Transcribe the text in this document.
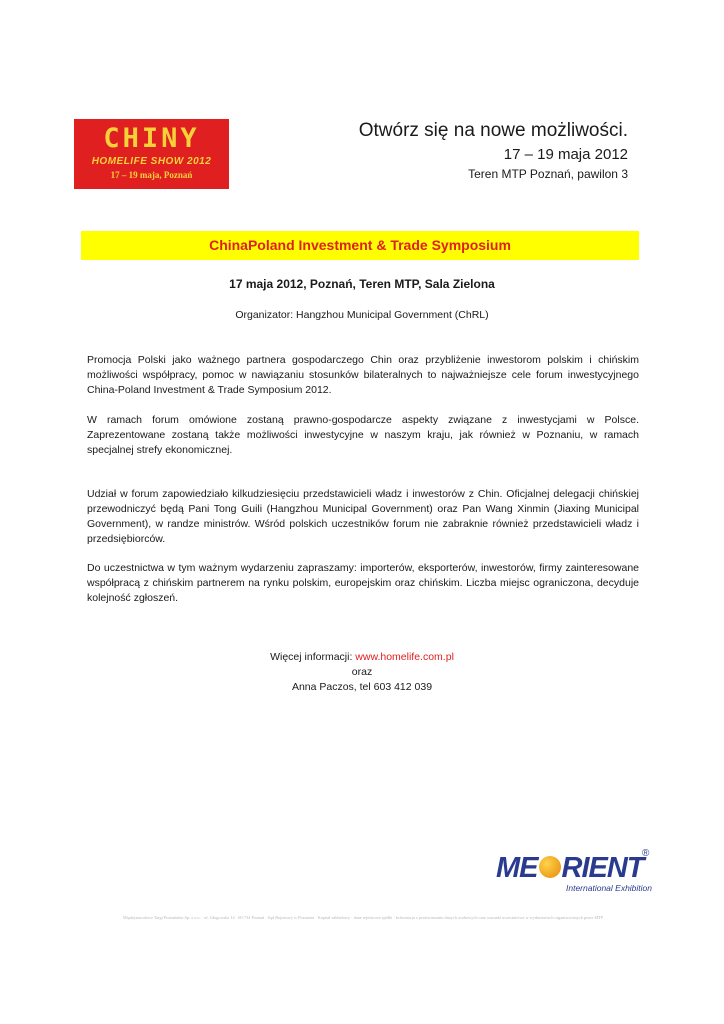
CHINY
HOMELIFE SHOW 2012
17 – 19 maja, Poznań
Otwórz się na nowe możliwości.
17 – 19 maja 2012
Teren MTP Poznań, pawilon 3
ChinaPoland Investment & Trade Symposium
17 maja 2012, Poznań, Teren MTP, Sala Zielona
Organizator: Hangzhou Municipal Government (ChRL)

Promocja Polski jako ważnego partnera gospodarczego Chin oraz przybliżenie inwestorom polskim i chińskim możliwości współpracy, pomoc w nawiązaniu stosunków bilateralnych to najważniejsze cele forum inwestycyjnego China-Poland Investment & Trade Symposium 2012.

W ramach forum omówione zostaną prawno-gospodarcze aspekty związane z inwestycjami w Polsce. Zaprezentowane zostaną także możliwości inwestycyjne w naszym kraju, jak również w Poznaniu, w ramach specjalnej strefy ekonomicznej.

Udział w forum zapowiedziało kilkudziesięciu przedstawicieli władz i inwestorów z Chin. Oficjalnej delegacji chińskiej przewodniczyć będą Pani Tong Guili (Hangzhou Municipal Government) oraz Pan Wang Xinmin (Jiaxing Municipal Government), w randze ministrów. Wśród polskich uczestników forum nie zabraknie również przedstawicieli władz i przedsiębiorców.

Do uczestnictwa w tym ważnym wydarzeniu zapraszamy: importerów, eksporterów, inwestorów, firmy zainteresowane współpracą z chińskim partnerem na rynku polskim, europejskim oraz chińskim. Liczba miejsc ograniczona, decyduje kolejność zgłoszeń.

Więcej informacji: www.homelife.com.pl
oraz
Anna Paczos, tel 603 412 039
ME RIENT
®
International Exhibition
Międzynarodowe Targi Poznańskie Sp. z o.o. · ul. Głogowska 14 · 60-734 Poznań · Sąd Rejonowy w Poznaniu · Kapitał zakładowy · dane rejestrowe spółki · Informacja o przetwarzaniu danych osobowych oraz warunki uczestnictwa w wydarzeniach organizowanych przez MTP
